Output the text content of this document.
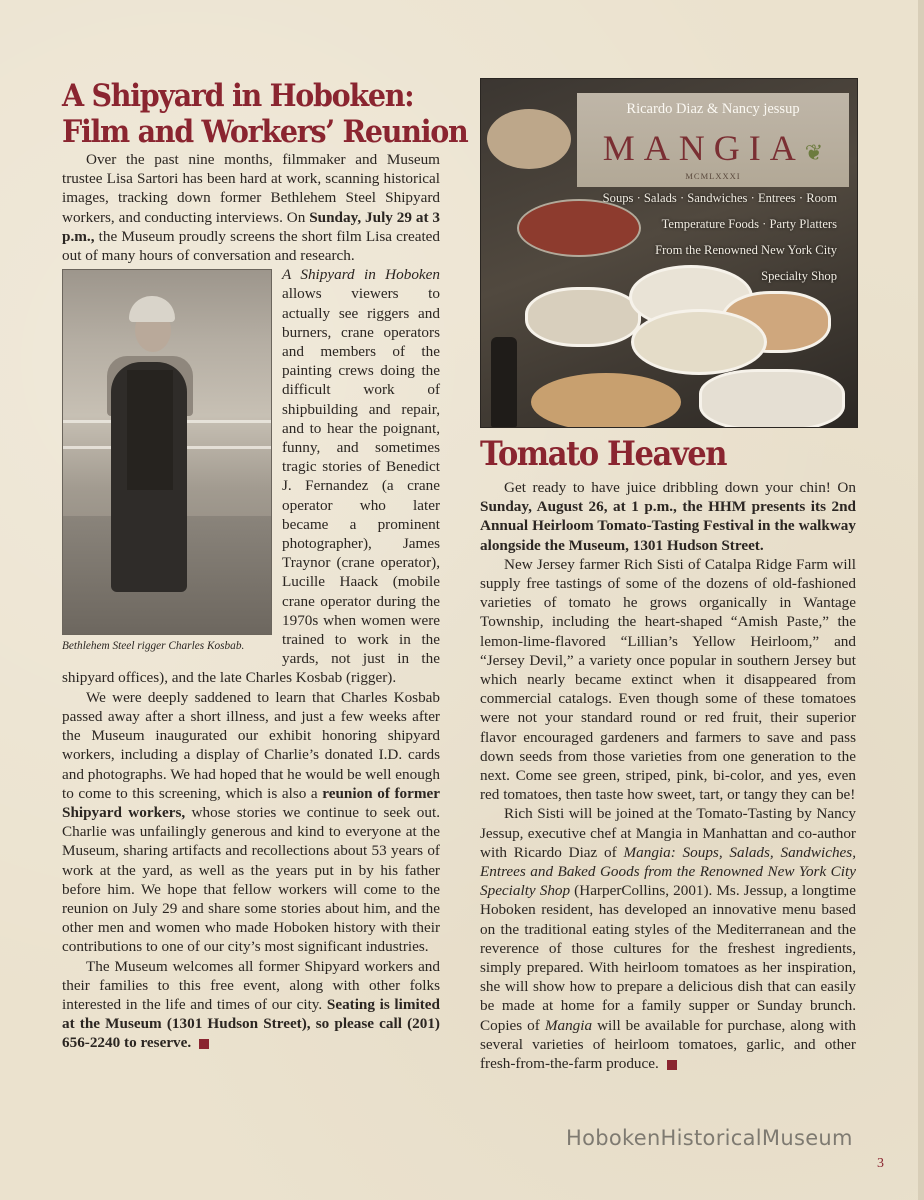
A Shipyard in Hoboken:
Film and Workers’ Reunion

Over the past nine months, filmmaker and Museum trustee Lisa Sartori has been hard at work, scanning historical images, tracking down former Bethlehem Steel Shipyard workers, and conducting interviews. On Sunday, July 29 at 3 p.m., the Museum proudly screens the short film Lisa created out of many hours of conversation and research.

Bethlehem Steel rigger Charles Kosbab.

A Shipyard in Hoboken allows viewers to actually see riggers and burners, crane operators and members of the painting crews doing the difficult work of shipbuilding and repair, and to hear the poignant, funny, and sometimes tragic stories of Benedict J. Fernandez (a crane operator who later became a prominent photographer), James Traynor (crane operator), Lucille Haack (mobile crane operator during the 1970s when women were trained to work in the yards, not just in the shipyard offices), and the late Charles Kosbab (rigger).

We were deeply saddened to learn that Charles Kosbab passed away after a short illness, and just a few weeks after the Museum inaugurated our exhibit honoring shipyard workers, including a display of Charlie’s donated I.D. cards and photographs. We had hoped that he would be well enough to come to this screening, which is also a reunion of former Shipyard workers, whose stories we continue to seek out. Charlie was unfailingly generous and kind to everyone at the Museum, sharing artifacts and recollections about 53 years of work at the yard, as well as the years put in by his father before him. We hope that fellow workers will come to the reunion on July 29 and share some stories about him, and the other men and women who made Hoboken history with their contributions to one of our city’s most significant industries.

The Museum welcomes all former Shipyard workers and their families to this free event, along with other folks interested in the life and times of our city. Seating is limited at the Museum (1301 Hudson Street), so please call (201) 656-2240 to reserve.

Ricardo Diaz & Nancy jessup
MANGIA❦
MCMLXXXI
Soups · Salads · Sandwiches · Entrees · Room
Temperature Foods · Party Platters
From the Renowned New York City
Specialty Shop
Tomato Heaven

Get ready to have juice dribbling down your chin! On Sunday, August 26, at 1 p.m., the HHM presents its 2nd Annual Heirloom Tomato-Tasting Festival in the walkway alongside the Museum, 1301 Hudson Street.

New Jersey farmer Rich Sisti of Catalpa Ridge Farm will supply free tastings of some of the dozens of old-fashioned varieties of tomato he grows organically in Wantage Township, including the heart-shaped “Amish Paste,” the lemon-lime-flavored “Lillian’s Yellow Heirloom,” and “Jersey Devil,” a variety once popular in southern Jersey but which nearly became extinct when it disappeared from commercial catalogs. Even though some of these tomatoes were not your standard round or red fruit, their superior flavor encouraged gardeners and farmers to save and pass down seeds from those varieties from one generation to the next. Come see green, striped, pink, bi-color, and yes, even red tomatoes, then taste how sweet, tart, or tangy they can be!

Rich Sisti will be joined at the Tomato-Tasting by Nancy Jessup, executive chef at Mangia in Manhattan and co-author with Ricardo Diaz of Mangia: Soups, Salads, Sandwiches, Entrees and Baked Goods from the Renowned New York City Specialty Shop (HarperCollins, 2001). Ms. Jessup, a longtime Hoboken resident, has developed an innovative menu based on the traditional eating styles of the Mediterranean and the reverence of those cultures for the freshest ingredients, simply prepared. With heirloom tomatoes as her inspiration, she will show how to prepare a delicious dish that can easily be made at home for a family supper or Sunday brunch. Copies of Mangia will be available for purchase, along with several varieties of heirloom tomatoes, garlic, and other fresh-from-the-farm produce.

HobokenHistoricalMuseum
3
